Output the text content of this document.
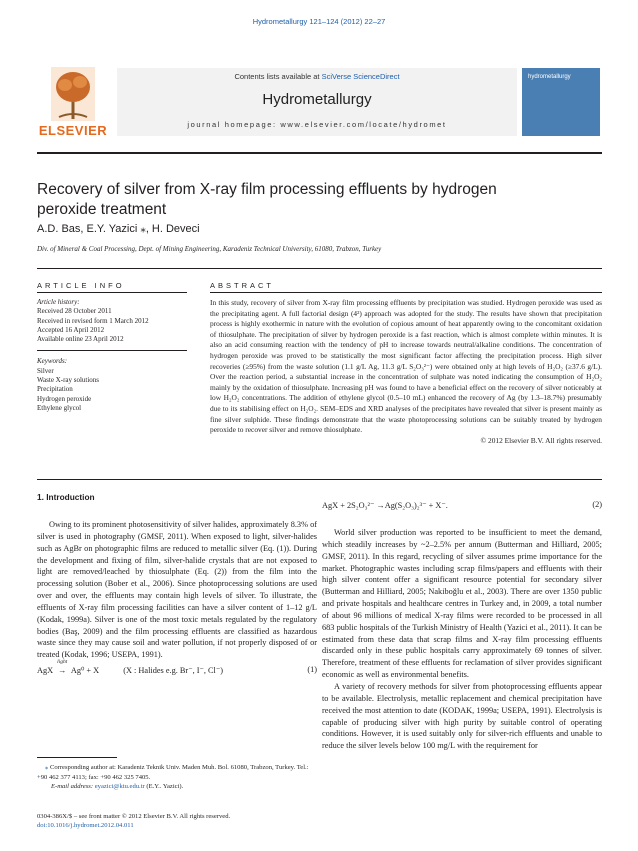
Hydrometallurgy 121–124 (2012) 22–27
ELSEVIER
Contents lists available at SciVerse ScienceDirect
Hydrometallurgy
journal homepage: www.elsevier.com/locate/hydromet
hydrometallurgy
Recovery of silver from X-ray film processing effluents by hydrogen
peroxide treatment
A.D. Bas, E.Y. Yazici ⁎, H. Deveci
Div. of Mineral & Coal Processing, Dept. of Mining Engineering, Karadeniz Technical University, 61080, Trabzon, Turkey
ARTICLE INFO	ABSTRACT
Article history:
Received 28 October 2011
Received in revised form 1 March 2012
Accepted 16 April 2012
Available online 23 April 2012
Keywords:
Silver
Waste X-ray solutions
Precipitation
Hydrogen peroxide
Ethylene glycol
In this study, recovery of silver from X-ray film processing effluents by precipitation was studied. Hydrogen peroxide was used as the precipitating agent. A full factorial design (4²) approach was adopted for the study. The results have shown that precipitation process is highly exothermic in nature with the evolution of copious amount of heat apparently owing to the concomitant oxidation of thiosulphate. The precipitation of silver by hydrogen peroxide is a fast reaction, which is almost complete within minutes. It is also an acid consuming reaction with the tendency of pH to increase towards neutral/alkaline conditions. The concentration of hydrogen peroxide was proved to be statistically the most significant factor affecting the precipitation process. High silver recoveries (≥95%) from the waste solution (1.1 g/L Ag, 11.3 g/L S₂O₃²⁻) were obtained only at high levels of H₂O₂ (≥37.6 g/L). Over the reaction period, a substantial increase in the concentration of sulphate was noted indicating the consumption of H₂O₂ mainly by the oxidation of thiosulphate. Increasing pH was found to have a beneficial effect on the recovery of silver noticeably at low H₂O₂ concentrations. The addition of ethylene glycol (0.5–10 mL) enhanced the recovery of Ag (by 1.3–18.7%) presumably due to its stabilising effect on H₂O₂. SEM–EDS and XRD analyses of the precipitates have revealed that silver is present mainly as fine silver sulphide. These findings demonstrate that the waste photoprocessing solutions can be suitably treated by hydrogen peroxide to recover silver and remove thiosulphate.
© 2012 Elsevier B.V. All rights reserved.
1. Introduction

Owing to its prominent photosensitivity of silver halides, approximately 8.3% of silver is used in photography (GMSF, 2011). When exposed to light, silver-halides such as AgBr on photographic films are reduced to metallic silver (Eq. (1)). During the development and fixing of film, silver-halide crystals that are not exposed to light are removed/leached by thiosulphate (Eq. (2)) from the film into the processing solution (Bober et al., 2006). Since photoprocessing solutions are used over and over, the effluents may contain high levels of silver. To illustrate, the effluents of X-ray film processing facilities can have a silver content of 1–12 g/L (Kodak, 1999a). Silver is one of the most toxic metals regulated by the regulatory bodies (Baş, 2009) and the film processing effluents are classified as hazardous waste since they may cause soil and water pollution, if not properly disposed of or treated (Kodak, 1996; USEPA, 1991).

AgX
light
→ Ag⁰ + X	(X : Halides e.g. Br⁻, I⁻, Cl⁻)	(1)
AgX + 2S₂O₃²⁻ →Ag(S₂O₃)₂³⁻ + X⁻.	(2)

World silver production was reported to be insufficient to meet the demand, which steadily increases by ~2–2.5% per annum (Butterman and Hilliard, 2005; GMSF, 2011). In this regard, recycling of silver assumes prime importance for the market. Photographic wastes including scrap films/papers and effluents with their high silver content offer a significant resource potential for secondary silver (Butterman and Hilliard, 2005; Nakiboğlu et al., 2003). There are over 1350 public and private hospitals and healthcare centres in Turkey and, in 2009, a total number of about 96 millions of medical X-ray films were recorded to be processed in all 683 public hospitals of the Turkish Ministry of Health (Yazici et al., 2011). It can be estimated from these data that scrap films and X-ray film processing effluents discarded only in these public hospitals carry approximately 69 tonnes of silver. Therefore, treatment of these effluents for reclamation of silver provides significant economic as well as environmental benefits.

A variety of recovery methods for silver from photoprocessing effluents appear to be available. Electrolysis, metallic replacement and chemical precipitation have received the most attention to date (KODAK, 1999a; USEPA, 1991). Electrolysis is capable of producing silver with high purity by suitable control of operating conditions. However, it is used suitably only for silver-rich effluents and unable to reduce the silver levels below 100 mg/L with the requirement for

⁎ Corresponding author at: Karadeniz Teknik Univ. Maden Muh. Bol. 61080, Trabzon, Turkey. Tel.: +90 462 377 4113; fax: +90 462 325 7405.
E-mail address: eyazici@ktu.edu.tr (E.Y.. Yazici).
0304-386X/$ – see front matter © 2012 Elsevier B.V. All rights reserved.
doi:10.1016/j.hydromet.2012.04.011
